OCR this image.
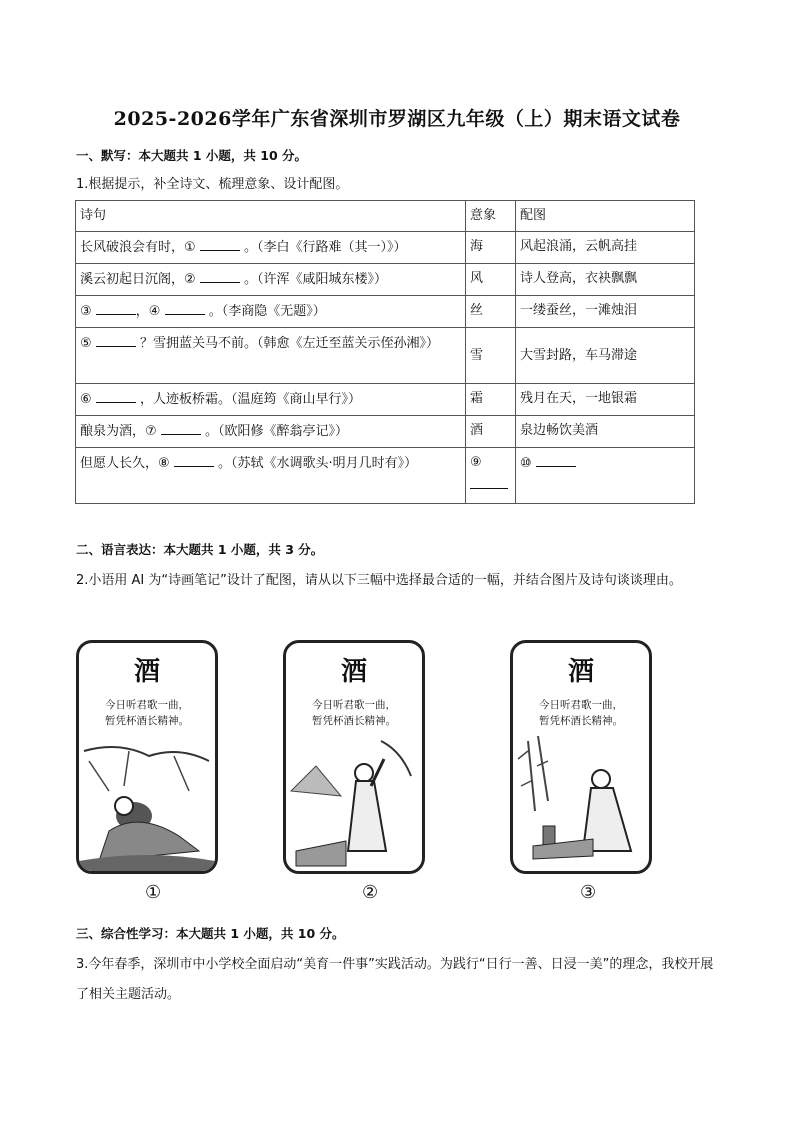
2025-2026学年广东省深圳市罗湖区九年级（上）期末语文试卷
一、默写：本大题共 1 小题，共 10 分。
1.根据提示，补全诗文、梳理意象、设计配图。
诗句	意象	配图
长风破浪会有时，① 。（李白《行路难（其一）》）	海	风起浪涌，云帆高挂
溪云初起日沉阁，② 。（许浑《咸阳城东楼》）	风	诗人登高，衣袂飘飘
③ ，④ 。（李商隐《无题》）	丝	一缕蚕丝，一滩烛泪
⑤ ？雪拥蓝关马不前。（韩愈《左迁至蓝关示侄孙湘》）	雪	大雪封路，车马滞途
⑥ ，人迹板桥霜。（温庭筠《商山早行》）	霜	残月在天，一地银霜
酿泉为酒，⑦ 。（欧阳修《醉翁亭记》）	酒	泉边畅饮美酒
但愿人长久，⑧ 。（苏轼《水调歌头·明月几时有》）	⑨	⑩
二、语言表达：本大题共 1 小题，共 3 分。
2.小语用 AI 为“诗画笔记”设计了配图，请从以下三幅中选择最合适的一幅，并结合图片及诗句谈谈理由。
酒
今日听君歌一曲，
暂凭杯酒长精神。
酒
今日听君歌一曲，
暂凭杯酒长精神。
酒
今日听君歌一曲，
暂凭杯酒长精神。
①	②	③
三、综合性学习：本大题共 1 小题，共 10 分。
3.今年春季，深圳市中小学校全面启动“美育一件事”实践活动。为践行“日行一善、日浸一美”的理念，我校开展了相关主题活动。
